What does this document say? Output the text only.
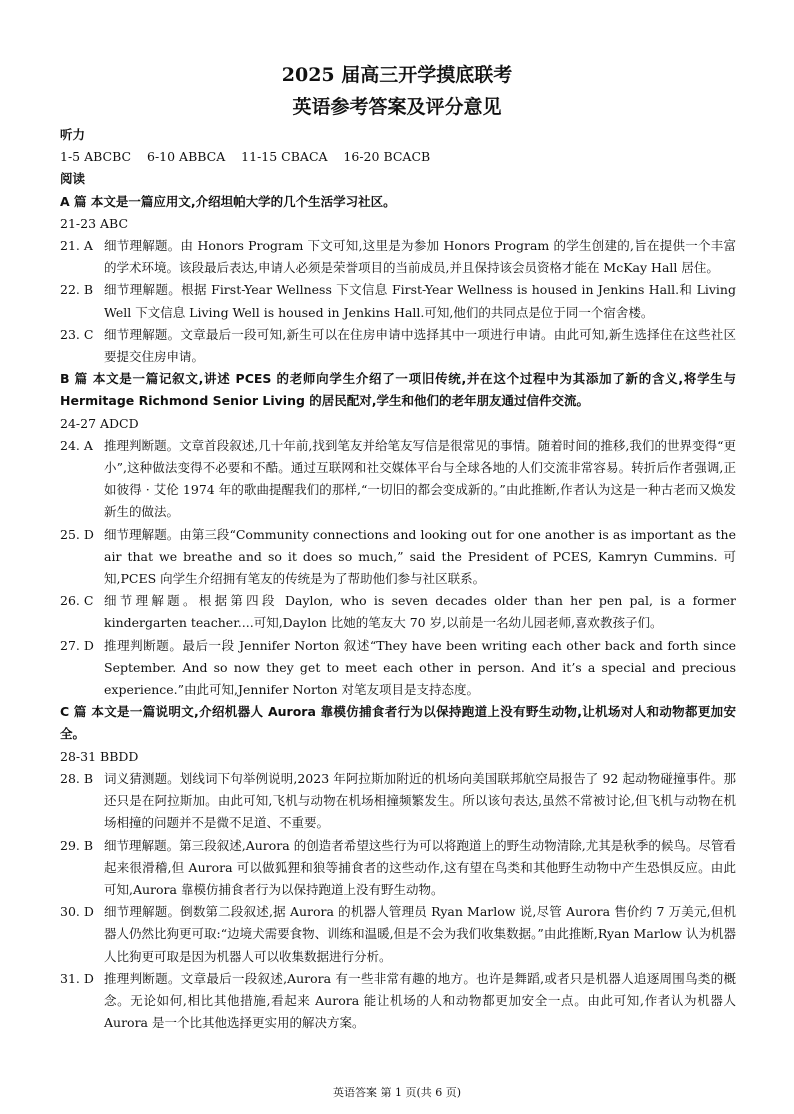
2025 届高三开学摸底联考
英语参考答案及评分意见
听力
1-5 ABCBC    6-10 ABBCA    11-15 CBACA    16-20 BCACB
阅读
A 篇 本文是一篇应用文,介绍坦帕大学的几个生活学习社区。
21-23 ABC
21. A 细节理解题。由 Honors Program 下文可知,这里是为参加 Honors Program 的学生创建的,旨在提供一个丰富的学术环境。该段最后表达,申请人必须是荣誉项目的当前成员,并且保持该会员资格才能在 McKay Hall 居住。
22. B 细节理解题。根据 First-Year Wellness 下文信息 First-Year Wellness is housed in Jenkins Hall.和 Living Well 下文信息 Living Well is housed in Jenkins Hall.可知,他们的共同点是位于同一个宿舍楼。
23. C 细节理解题。文章最后一段可知,新生可以在住房申请中选择其中一项进行申请。由此可知,新生选择住在这些社区要提交住房申请。
B 篇 本文是一篇记叙文,讲述 PCES 的老师向学生介绍了一项旧传统,并在这个过程中为其添加了新的含义,将学生与 Hermitage Richmond Senior Living 的居民配对,学生和他们的老年朋友通过信件交流。
24-27 ADCD
24. A 推理判断题。文章首段叙述,几十年前,找到笔友并给笔友写信是很常见的事情。随着时间的推移,我们的世界变得“更小”,这种做法变得不必要和不酷。通过互联网和社交媒体平台与全球各地的人们交流非常容易。转折后作者强调,正如彼得 · 艾伦 1974 年的歌曲提醒我们的那样,“一切旧的都会变成新的。”由此推断,作者认为这是一种古老而又焕发新生的做法。
25. D 细节理解题。由第三段“Community connections and looking out for one another is as important as the air that we breathe and so it does so much,” said the President of PCES, Kamryn Cummins. 可知,PCES 向学生介绍拥有笔友的传统是为了帮助他们参与社区联系。
26. C 细节理解题。根据第四段 Daylon, who is seven decades older than her pen pal, is a former kindergarten teacher....可知,Daylon 比她的笔友大 70 岁,以前是一名幼儿园老师,喜欢教孩子们。
27. D 推理判断题。最后一段 Jennifer Norton 叙述“They have been writing each other back and forth since September. And so now they get to meet each other in person. And it’s a special and precious experience.”由此可知,Jennifer Norton 对笔友项目是支持态度。
C 篇 本文是一篇说明文,介绍机器人 Aurora 靠模仿捕食者行为以保持跑道上没有野生动物,让机场对人和动物都更加安全。
28-31 BBDD
28. B 词义猜测题。划线词下句举例说明,2023 年阿拉斯加附近的机场向美国联邦航空局报告了 92 起动物碰撞事件。那还只是在阿拉斯加。由此可知,飞机与动物在机场相撞频繁发生。所以该句表达,虽然不常被讨论,但飞机与动物在机场相撞的问题并不是微不足道、不重要。
29. B 细节理解题。第三段叙述,Aurora 的创造者希望这些行为可以将跑道上的野生动物清除,尤其是秋季的候鸟。尽管看起来很滑稽,但 Aurora 可以做狐狸和狼等捕食者的这些动作,这有望在鸟类和其他野生动物中产生恐惧反应。由此可知,Aurora 靠模仿捕食者行为以保持跑道上没有野生动物。
30. D 细节理解题。倒数第二段叙述,据 Aurora 的机器人管理员 Ryan Marlow 说,尽管 Aurora 售价约 7 万美元,但机器人仍然比狗更可取:“边境犬需要食物、训练和温暖,但是不会为我们收集数据。”由此推断,Ryan Marlow 认为机器人比狗更可取是因为机器人可以收集数据进行分析。
31. D 推理判断题。文章最后一段叙述,Aurora 有一些非常有趣的地方。也许是舞蹈,或者只是机器人追逐周围鸟类的概念。无论如何,相比其他措施,看起来 Aurora 能让机场的人和动物都更加安全一点。由此可知,作者认为机器人 Aurora 是一个比其他选择更实用的解决方案。
英语答案 第 1 页(共 6 页)
